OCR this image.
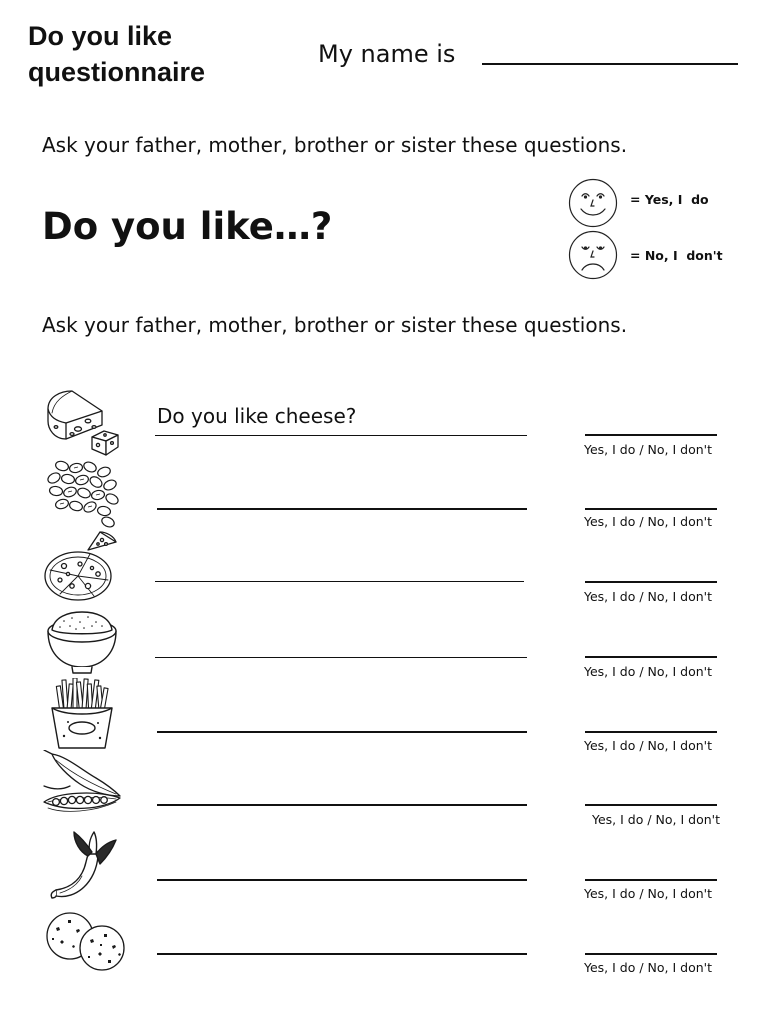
Do you like
questionnaire
My name is
Ask your father, mother, brother or sister these questions.
Do you like…?
= Yes, I  do
= No, I  don't
Ask your father, mother, brother or sister these questions.
Do you like cheese?
Yes, I do / No, I don't
Yes, I do / No, I don't
Yes, I do / No, I don't
Yes, I do / No, I don't
Yes, I do / No, I don't
Yes, I do / No, I don't
Yes, I do / No, I don't
Yes, I do / No, I don't
